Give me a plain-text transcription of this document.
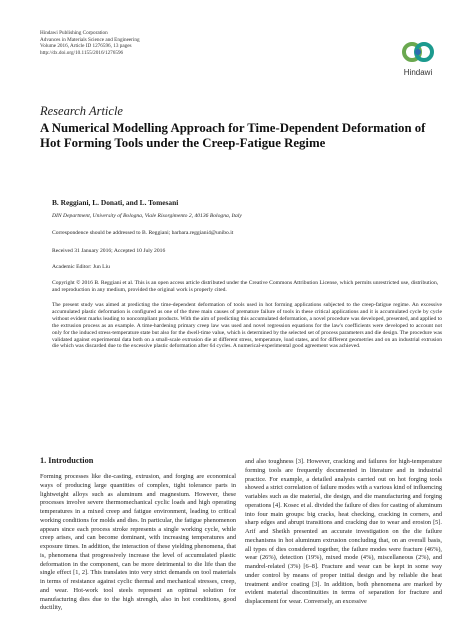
Hindawi Publishing Corporation
Advances in Materials Science and Engineering
Volume 2016, Article ID 1276596, 13 pages
http://dx.doi.org/10.1155/2016/1276596
Hindawi
Research Article
A Numerical Modelling Approach for Time-Dependent Deformation of Hot Forming Tools under the Creep-Fatigue Regime
B. Reggiani, L. Donati, and L. Tomesani
DIN Department, University of Bologna, Viale Risorgimento 2, 40136 Bologna, Italy
Correspondence should be addressed to B. Reggiani; barbara.reggiani4@unibo.it
Received 31 January 2016; Accepted 10 July 2016
Academic Editor: Jun Liu
Copyright © 2016 B. Reggiani et al. This is an open access article distributed under the Creative Commons Attribution License, which permits unrestricted use, distribution, and reproduction in any medium, provided the original work is properly cited.
The present study was aimed at predicting the time-dependent deformation of tools used in hot forming applications subjected to the creep-fatigue regime. An excessive accumulated plastic deformation is configured as one of the three main causes of premature failure of tools in these critical applications and it is accumulated cycle by cycle without evident marks leading to noncompliant products. With the aim of predicting this accumulated deformation, a novel procedure was developed, presented, and applied to the extrusion process as an example. A time-hardening primary creep law was used and novel regression equations for the law's coefficients were developed to account not only for the induced stress-temperature state but also for the dwell-time value, which is determined by the selected set of process parameters and die design. The procedure was validated against experimental data both on a small-scale extrusion die at different stress, temperature, load states, and for different geometries and on an industrial extrusion die which was discarded due to the excessive plastic deformation after 64 cycles. A numerical-experimental good agreement was achieved.
1. Introduction
Forming processes like die-casting, extrusion, and forging are economical ways of producing large quantities of complex, tight tolerance parts in lightweight alloys such as aluminum and magnesium. However, these processes involve severe thermomechanical cyclic loads and high operating temperatures in a mixed creep and fatigue environment, leading to critical working conditions for molds and dies. In particular, the fatigue phenomenon appears since each process stroke represents a single working cycle, while creep arises, and can become dominant, with increasing temperatures and exposure times. In addition, the interaction of these yielding phenomena, that is, phenomena that progressively increase the level of accumulated plastic deformation in the component, can be more detrimental to die life than the single effect [1, 2]. This translates into very strict demands on tool materials in terms of resistance against cyclic thermal and mechanical stresses, creep, and wear. Hot-work tool steels represent an optimal solution for manufacturing dies due to the high strength, also in hot conditions, good ductility,
and also toughness [3]. However, cracking and failures for high-temperature forming tools are frequently documented in literature and in industrial practice. For example, a detailed analysis carried out on hot forging tools showed a strict correlation of failure modes with a various kind of influencing variables such as die material, die design, and die manufacturing and forging operations [4]. Kosec et al. divided the failure of dies for casting of aluminum into four main groups: big cracks, heat checking, cracking in corners, and sharp edges and abrupt transitions and cracking due to wear and erosion [5]. Arif and Sheikh presented an accurate investigation on the die failure mechanisms in hot aluminum extrusion concluding that, on an overall basis, all types of dies considered together, the failure modes were fracture (46%), wear (26%), detection (19%), mixed mode (4%), miscellaneous (2%), and mandrel-related (3%) [6–8]. Fracture and wear can be kept in some way under control by means of proper initial design and by reliable die heat treatment and/or coating [3]. In addition, both phenomena are marked by evident material discontinuities in terms of separation for fracture and displacement for wear. Conversely, an excessive
